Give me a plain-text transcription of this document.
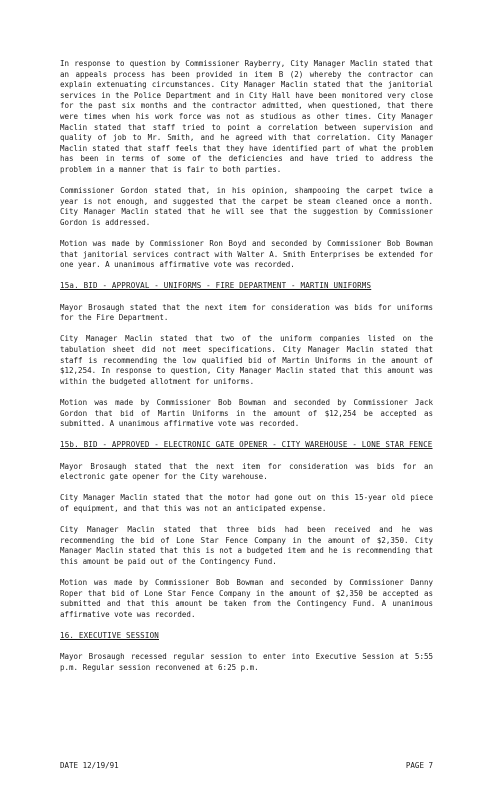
In response to question by Commissioner Rayberry, City Manager Maclin stated that an appeals process has been provided in item B (2) whereby the contractor can explain extenuating circumstances. City Manager Maclin stated that the janitorial services in the Police Department and in City Hall have been monitored very close for the past six months and the contractor admitted, when questioned, that there were times when his work force was not as studious as other times. City Manager Maclin stated that staff tried to point a correlation between supervision and quality of job to Mr. Smith, and he agreed with that correlation. City Manager Maclin stated that staff feels that they have identified part of what the problem has been in terms of some of the deficiencies and have tried to address the problem in a manner that is fair to both parties.

Commissioner Gordon stated that, in his opinion, shampooing the carpet twice a year is not enough, and suggested that the carpet be steam cleaned once a month. City Manager Maclin stated that he will see that the suggestion by Commissioner Gordon is addressed.

Motion was made by Commissioner Ron Boyd and seconded by Commissioner Bob Bowman that janitorial services contract with Walter A. Smith Enterprises be extended for one year. A unanimous affirmative vote was recorded.

15a. BID - APPROVAL - UNIFORMS - FIRE DEPARTMENT - MARTIN UNIFORMS

Mayor Brosaugh stated that the next item for consideration was bids for uniforms for the Fire Department.

City Manager Maclin stated that two of the uniform companies listed on the tabulation sheet did not meet specifications. City Manager Maclin stated that staff is recommending the low qualified bid of Martin Uniforms in the amount of $12,254. In response to question, City Manager Maclin stated that this amount was within the budgeted allotment for uniforms.

Motion was made by Commissioner Bob Bowman and seconded by Commissioner Jack Gordon that bid of Martin Uniforms in the amount of $12,254 be accepted as submitted. A unanimous affirmative vote was recorded.

15b. BID - APPROVED - ELECTRONIC GATE OPENER - CITY WAREHOUSE - LONE STAR FENCE

Mayor Brosaugh stated that the next item for consideration was bids for an electronic gate opener for the City warehouse.

City Manager Maclin stated that the motor had gone out on this 15-year old piece of equipment, and that this was not an anticipated expense.

City Manager Maclin stated that three bids had been received and he was recommending the bid of Lone Star Fence Company in the amount of $2,350. City Manager Maclin stated that this is not a budgeted item and he is recommending that this amount be paid out of the Contingency Fund.

Motion was made by Commissioner Bob Bowman and seconded by Commissioner Danny Roper that bid of Lone Star Fence Company in the amount of $2,350 be accepted as submitted and that this amount be taken from the Contingency Fund. A unanimous affirmative vote was recorded.

16. EXECUTIVE SESSION

Mayor Brosaugh recessed regular session to enter into Executive Session at 5:55 p.m. Regular session reconvened at 6:25 p.m.

DATE 12/19/91	PAGE 7
